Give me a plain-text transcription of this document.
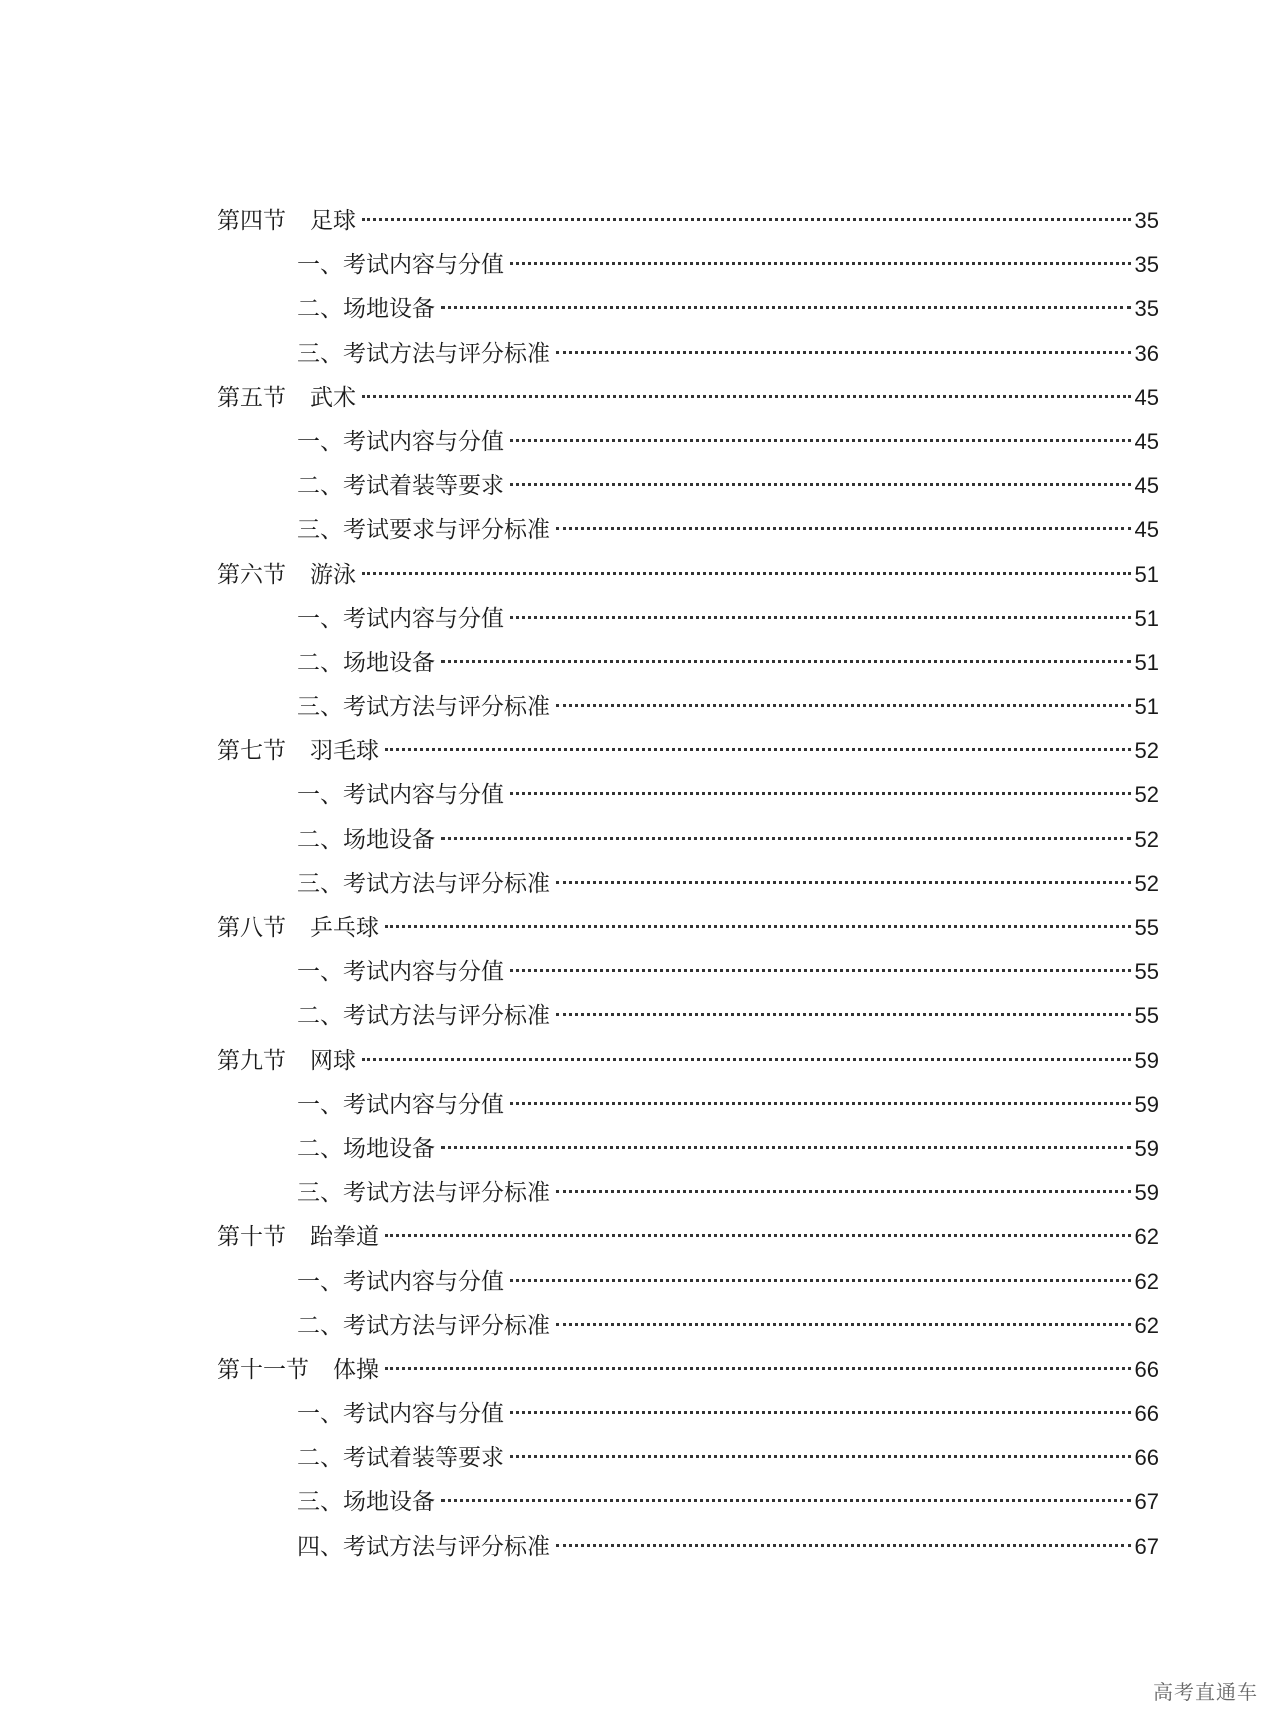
第四节 足球	35
一、考试内容与分值	35
二、场地设备	35
三、考试方法与评分标准	36
第五节 武术	45
一、考试内容与分值	45
二、考试着装等要求	45
三、考试要求与评分标准	45
第六节 游泳	51
一、考试内容与分值	51
二、场地设备	51
三、考试方法与评分标准	51
第七节 羽毛球	52
一、考试内容与分值	52
二、场地设备	52
三、考试方法与评分标准	52
第八节 乒乓球	55
一、考试内容与分值	55
二、考试方法与评分标准	55
第九节 网球	59
一、考试内容与分值	59
二、场地设备	59
三、考试方法与评分标准	59
第十节 跆拳道	62
一、考试内容与分值	62
二、考试方法与评分标准	62
第十一节 体操	66
一、考试内容与分值	66
二、考试着装等要求	66
三、场地设备	67
四、考试方法与评分标准	67
高考直通车
